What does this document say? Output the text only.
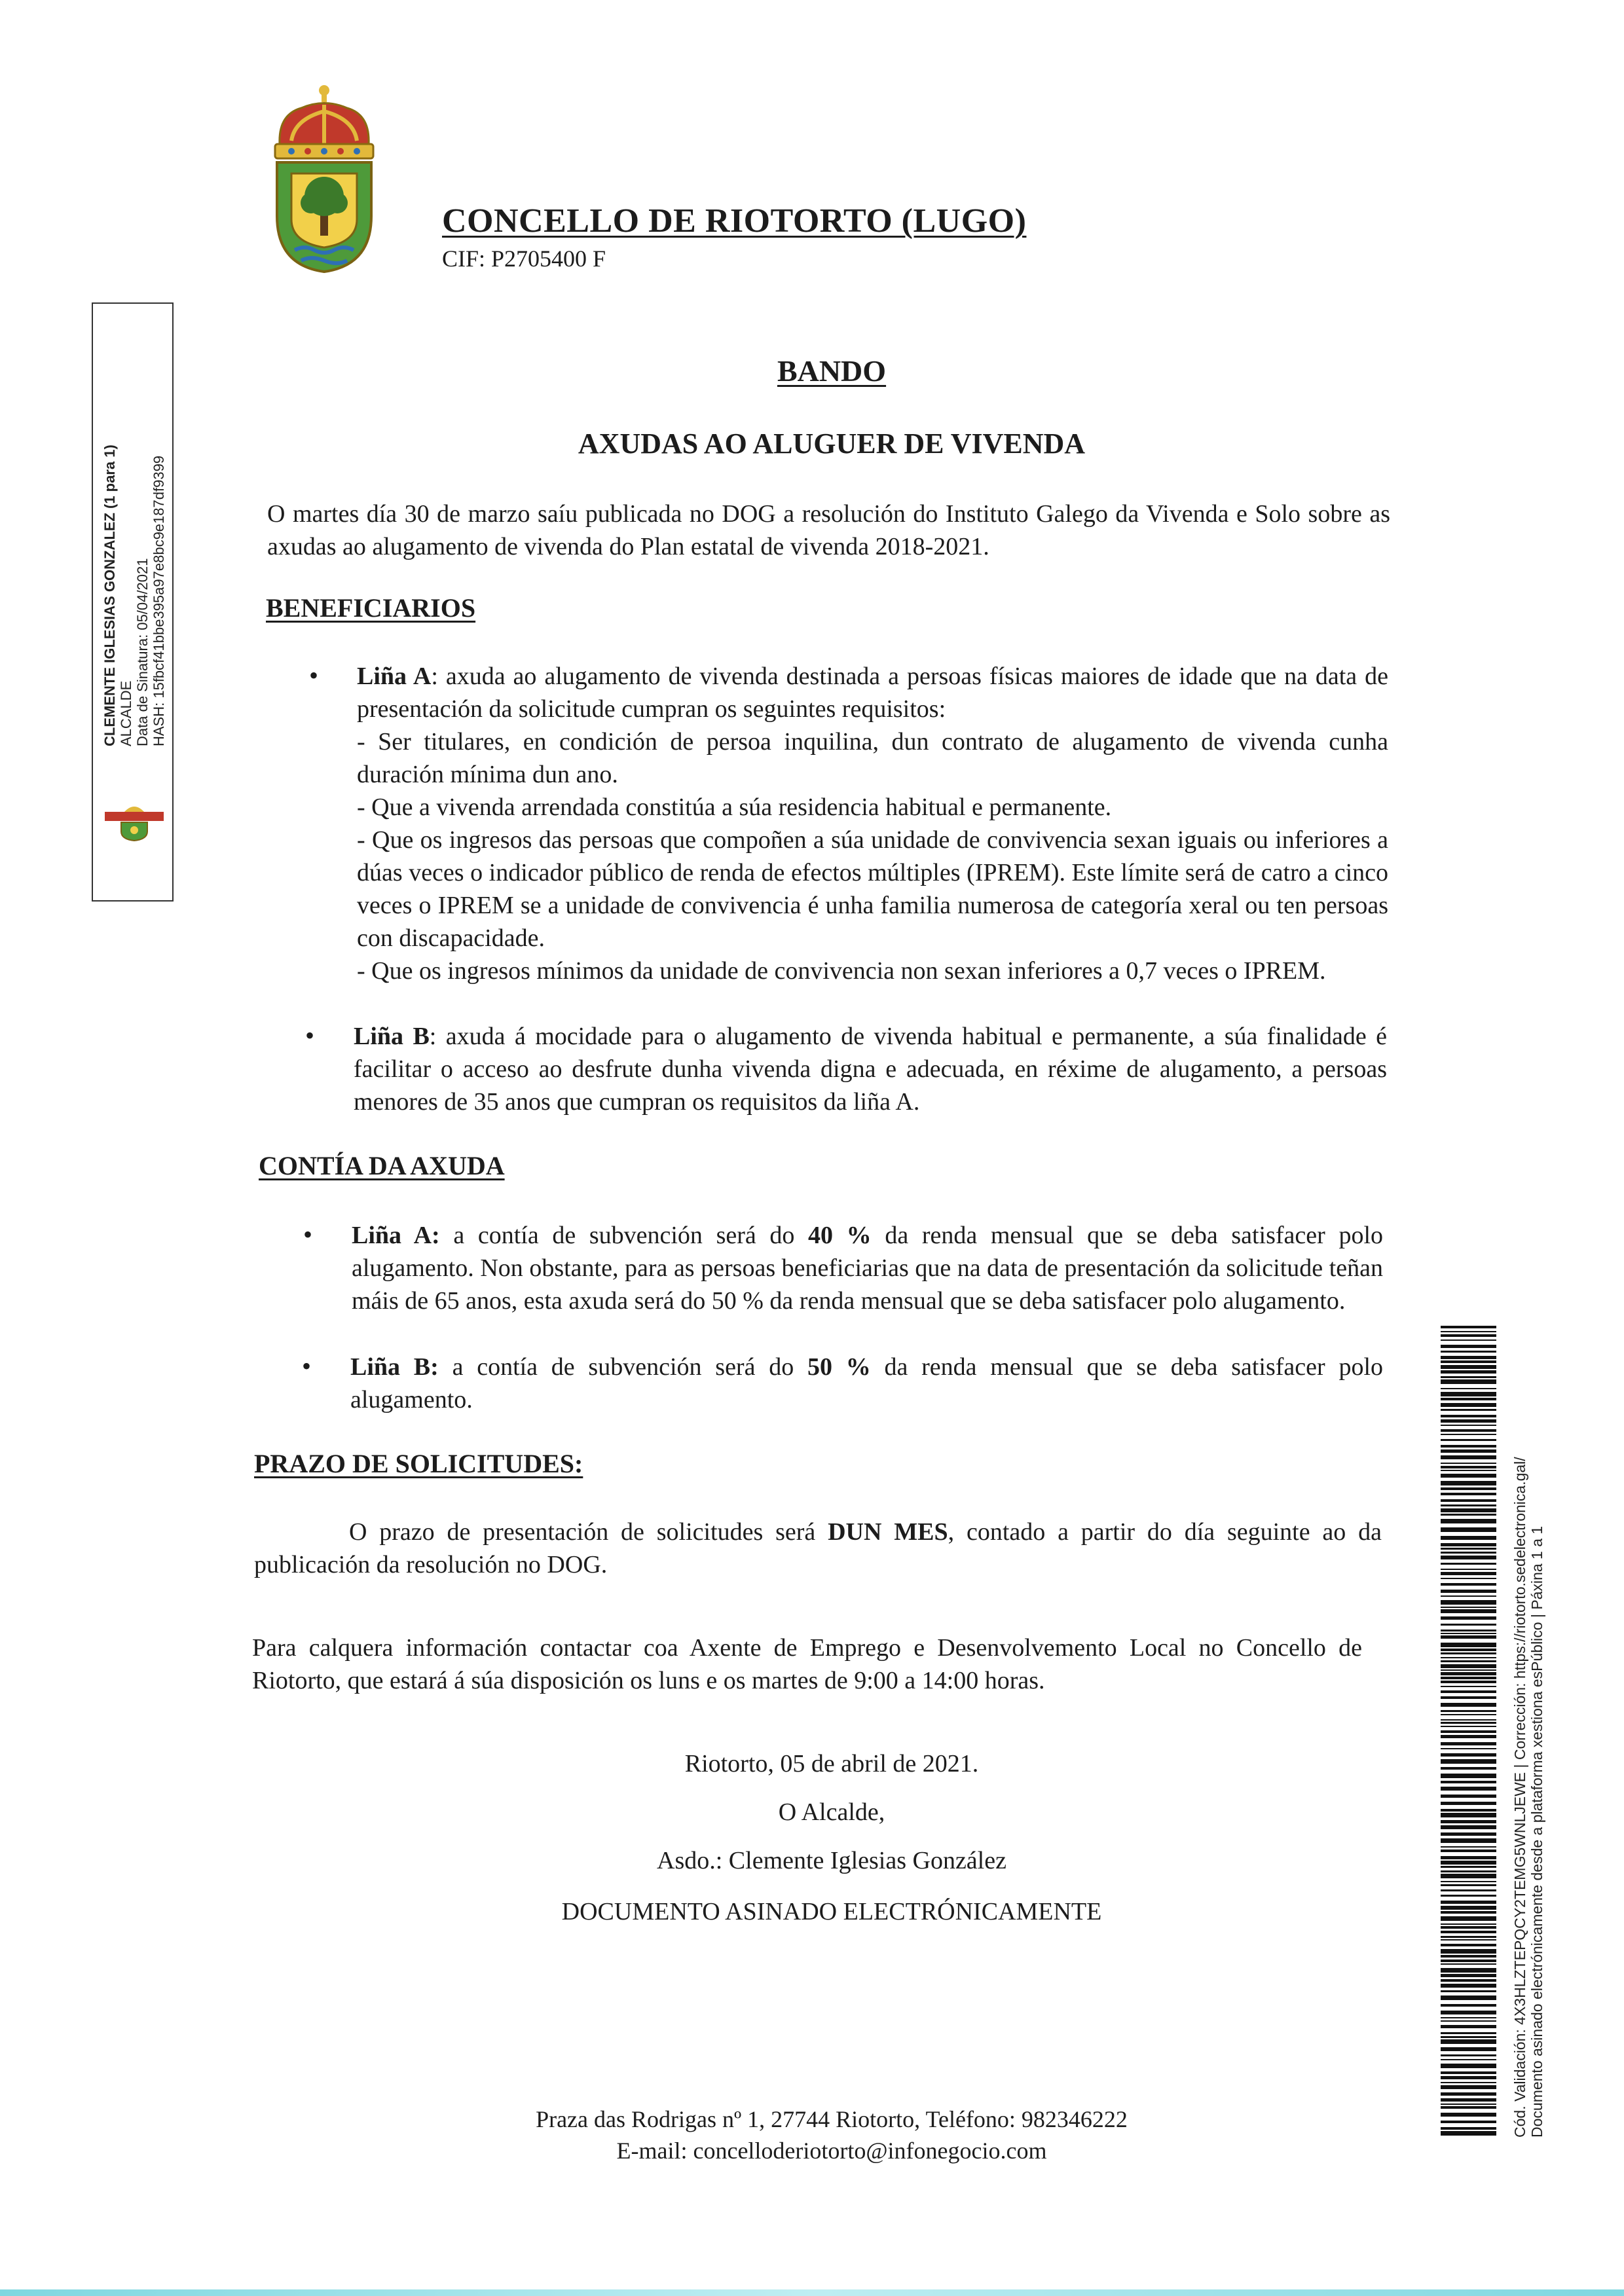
CONCELLO DE RIOTORTO (LUGO)
CIF: P2705400 F
BANDO
AXUDAS AO ALUGUER DE VIVENDA
O martes día 30 de marzo saíu publicada no DOG a resolución do Instituto Galego da Vivenda e Solo sobre as axudas ao alugamento de vivenda do Plan estatal de vivenda 2018-2021.
BENEFICIARIOS
• Liña A: axuda ao alugamento de vivenda destinada a persoas físicas maiores de idade que na data de presentación da solicitude cumpran os seguintes requisitos:
- Ser titulares, en condición de persoa inquilina, dun contrato de alugamento de vivenda cunha duración mínima dun ano.
- Que a vivenda arrendada constitúa a súa residencia habitual e permanente.
- Que os ingresos das persoas que compoñen a súa unidade de convivencia sexan iguais ou inferiores a dúas veces o indicador público de renda de efectos múltiples (IPREM). Este límite será de catro a cinco veces o IPREM se a unidade de convivencia é unha familia numerosa de categoría xeral ou ten persoas con discapacidade.
- Que os ingresos mínimos da unidade de convivencia non sexan inferiores a 0,7 veces o IPREM.
• Liña B: axuda á mocidade para o alugamento de vivenda habitual e permanente, a súa finalidade é facilitar o acceso ao desfrute dunha vivenda digna e adecuada, en réxime de alugamento, a persoas menores de 35 anos que cumpran os requisitos da liña A.
CONTÍA DA AXUDA
• Liña A: a contía de subvención será do 40 % da renda mensual que se deba satisfacer polo alugamento. Non obstante, para as persoas beneficiarias que na data de presentación da solicitude teñan máis de 65 anos, esta axuda será do 50 % da renda mensual que se deba satisfacer polo alugamento.
• Liña B: a contía de subvención será do 50 % da renda mensual que se deba satisfacer polo alugamento.
PRAZO DE SOLICITUDES:
O prazo de presentación de solicitudes será DUN MES, contado a partir do día seguinte ao da publicación da resolución no DOG.
Para calquera información contactar coa Axente de Emprego e Desenvolvemento Local no Concello de Riotorto, que estará á súa disposición os luns e os martes de 9:00 a 14:00 horas.
Riotorto, 05 de abril de 2021.
O Alcalde,
Asdo.: Clemente Iglesias González
DOCUMENTO ASINADO ELECTRÓNICAMENTE
Praza das Rodrigas nº 1, 27744 Riotorto, Teléfono: 982346222
E-mail: concelloderiotorto@infonegocio.com
CLEMENTE IGLESIAS GONZALEZ (1 para 1) ALCALDE Data de Sinatura: 05/04/2021 HASH: 15fbcf41bbe395a97e8bc9e187df9399
Cód. Validación: 4X3HLZTEPQCY2TEMG5WNLJEWE | Corrección: https://riotorto.sedelectronica.gal/ Documento asinado electrónicamente desde a plataforma xestiona esPúblico | Páxina 1 a 1
